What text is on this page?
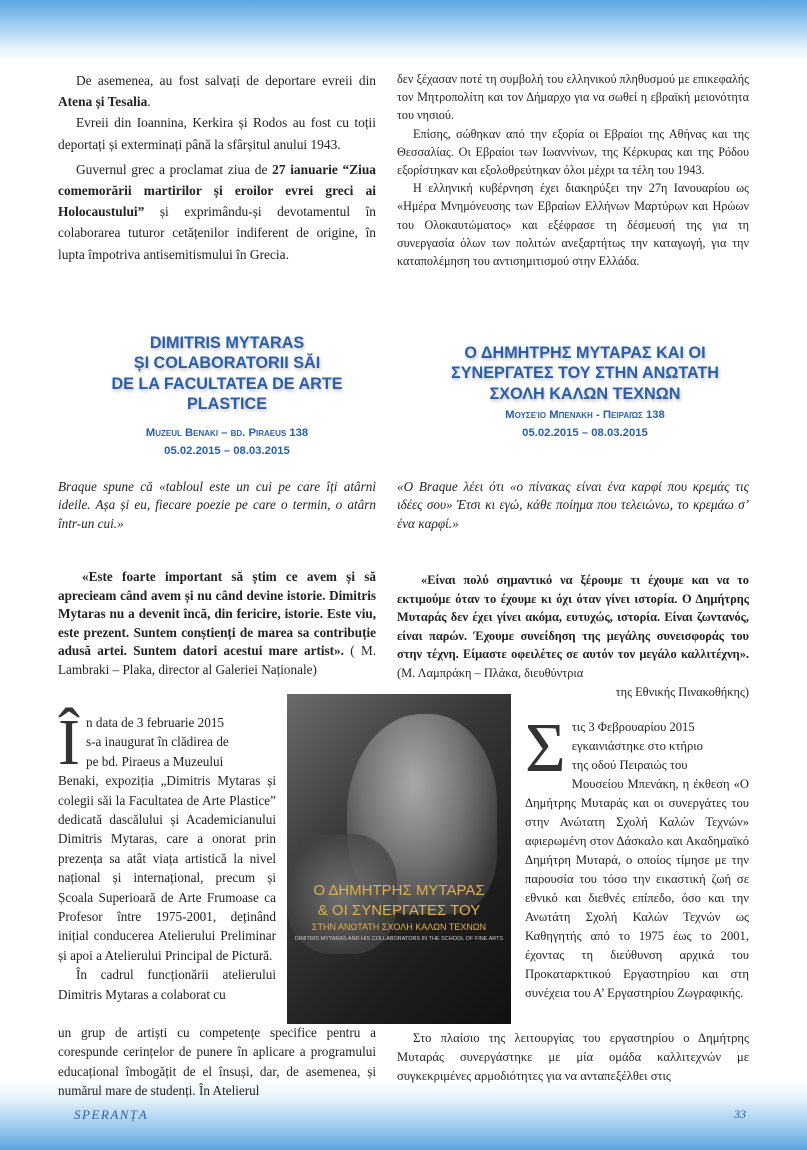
De asemenea, au fost salvați de deportare evreii din Atena și Tesalia.

Evreii din Ioannina, Kerkira și Rodos au fost cu toții deportați și exterminați până la sfârșitul anului 1943.

Guvernul grec a proclamat ziua de 27 ianuarie “Ziua comemorării martirilor și eroilor evrei greci ai Holocaustului” și exprimându-și devotamentul în colaborarea tuturor cetățenilor indiferent de origine, în lupta împotriva antisemitismului în Grecia.

δεν ξέχασαν ποτέ τη συμβολή του ελληνικού πληθυσμού με επικεφαλής τον Μητροπολίτη και τον Δήμαρχο για να σωθεί η εβραϊκή μειονότητα του νησιού.

Επίσης, σώθηκαν από την εξορία οι Εβραίοι της Αθήνας και της Θεσσαλίας. Οι Εβραίοι των Ιωαννίνων, της Κέρκυρας και της Ρόδου εξορίστηκαν και εξολοθρεύτηκαν όλοι μέχρι τα τέλη του 1943.

Η ελληνική κυβέρνηση έχει διακηρύξει την 27η Ιανουαρίου ως «Ημέρα Μνημόνευσης των Εβραίων Ελλήνων Μαρτύρων και Ηρώων του Ολοκαυτώματος» και εξέφρασε τη δέσμευσή της για τη συνεργασία όλων των πολιτών ανεξαρτήτως την καταγωγή, για την καταπολέμηση του αντισημιτισμού στην Ελλάδα.

DIMITRIS MYTARAS
ȘI COLABORATORII SĂI
DE LA FACULTATEA DE ARTE
PLASTICE
Muzeul Benaki – bd. Piraeus 138
05.02.2015 – 08.03.2015
Ο ΔΗΜΗΤΡΗΣ ΜΥΤΑΡΑΣ ΚΑΙ ΟΙ
ΣΥΝΕΡΓΑΤΕΣ ΤΟΥ ΣΤΗΝ ΑΝΩΤΑΤΗ
ΣΧΟΛΗ ΚΑΛΩΝ ΤΕΧΝΩΝ
Μουσείο Μπενάκη - Πειραιώς 138
05.02.2015 – 08.03.2015
Braque spune că «tabloul este un cui pe care îți atârni ideile. Așa și eu, fiecare poezie pe care o termin, o atârn într-un cui.»
«Ο Braque λέει ότι «ο πίνακας είναι ένα καρφί που κρεμάς τις ιδέες σου» Έτσι κι εγώ, κάθε ποίημα που τελειώνω, το κρεμάω σ’ ένα καρφί.»
«Este foarte important să știm ce avem și să aprecieam când avem și nu când devine istorie. Dimitris Mytaras nu a devenit încă, din fericire, istorie. Este viu, este prezent. Suntem conștienți de marea sa contribuție adusă artei. Suntem datori acestui mare artist». ( M. Lambraki – Plaka, director al Galeriei Naționale)

«Είναι πολύ σημαντικό να ξέρουμε τι έχουμε και να το εκτιμούμε όταν το έχουμε κι όχι όταν γίνει ιστορία. Ο Δημήτρης Μυταράς δεν έχει γίνει ακόμα, ευτυχώς, ιστορία. Είναι ζωντανός, είναι παρών. Έχουμε συνείδηση της μεγάλης συνεισφοράς του στην τέχνη. Είμαστε οφειλέτες σε αυτόν τον μεγάλο καλλιτέχνη». (Μ. Λαμπράκη – Πλάκα, διευθύντρια

της Εθνικής Πινακοθήκης)

Î n data de 3 februarie 2015
s-a inaugurat în clădirea de
pe bd. Piraeus a Muzeului

Benaki, expoziția „Dimitris Mytaras și colegii săi la Facultatea de Arte Plastice” dedicată dascălului și Academicianului Dimitris Mytaras, care a onorat prin prezența sa atât viața artistică la nivel național și internațional, precum și Școala Superioară de Arte Frumoase ca Profesor între 1975-2001, deținând inițial conducerea Atelierului Preliminar și apoi a Atelierului Principal de Pictură.

În cadrul funcționării atelierului Dimitris Mytaras a colaborat cu

un grup de artiști cu competențe specifice pentru a corespunde cerințelor de punere în aplicare a programului educațional îmbogățit de el însuși, dar, de asemenea, și numărul mare de studenți. În Atelierul
Ο ΔΗΜΗΤΡΗΣ ΜΥΤΑΡΑΣ
& ΟΙ ΣΥΝΕΡΓΑΤΕΣ ΤΟΥ
ΣΤΗΝ ΑΝΩΤΑΤΗ ΣΧΟΛΗ ΚΑΛΩΝ ΤΕΧΝΩΝ
DIMITRIS MYTARAS AND HIS COLLABORATORS IN THE SCHOOL OF FINE ARTS
Σ τις 3 Φεβρουαρίου 2015
εγκαινιάστηκε στο κτήριο
της οδού Πειραιώς του

Μουσείου Μπενάκη, η έκθεση «Ο Δημήτρης Μυταράς και οι συνεργάτες του στην Ανώτατη Σχολή Καλών Τεχνών» αφιερωμένη στον Δάσκαλο και Ακαδημαϊκό Δημήτρη Μυταρά, ο οποίος τίμησε με την παρουσία του τόσο την εικαστική ζωή σε εθνικό και διεθνές επίπεδο, όσο και την Ανωτάτη Σχολή Καλών Τεχνών ως Καθηγητής από το 1975 έως το 2001, έχοντας τη διεύθυνση αρχικά του Προκαταρκτικού Εργαστηρίου και στη συνέχεια του Α’ Εργαστηρίου Ζωγραφικής.

Στο πλαίσιο της λειτουργίας του εργαστηρίου ο Δημήτρης Μυταράς συνεργάστηκε με μία ομάδα καλλιτεχνών με συγκεκριμένες αρμοδιότητες για να ανταπεξέλθει στις
SPERANȚA	33
